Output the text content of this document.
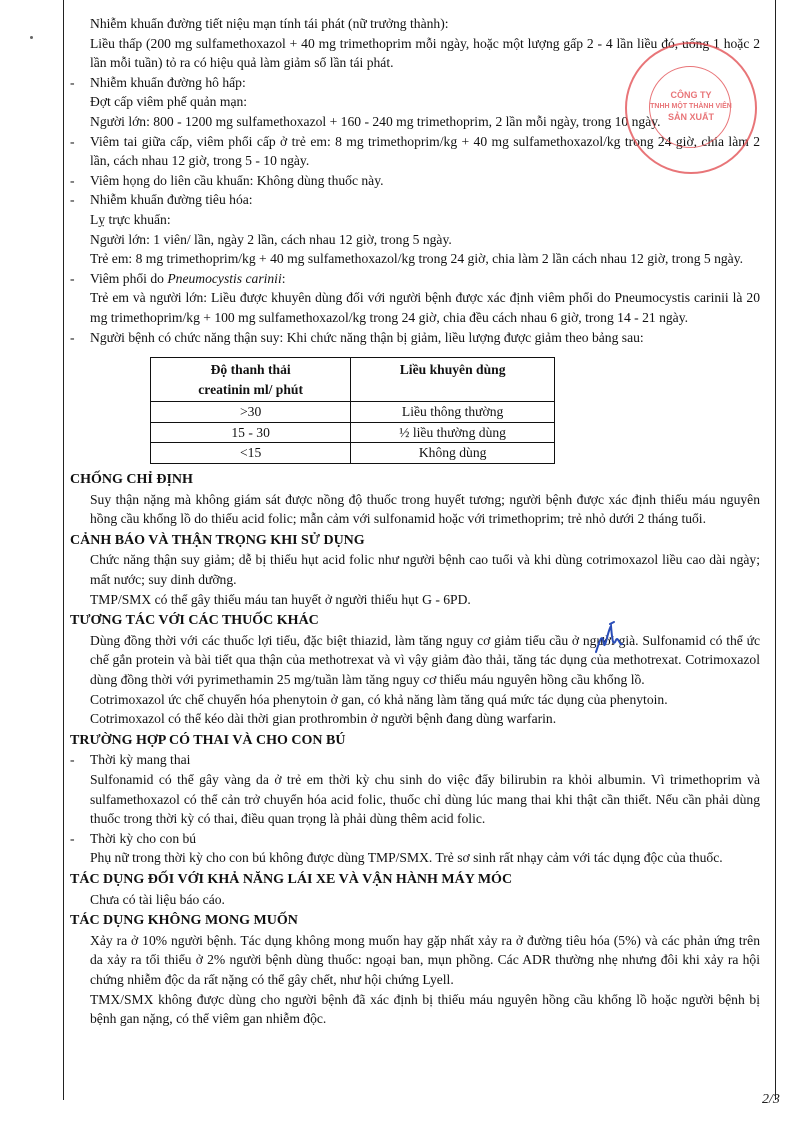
Nhiễm khuẩn đường tiết niệu mạn tính tái phát (nữ trưởng thành):

Liều thấp (200 mg sulfamethoxazol + 40 mg trimethoprim mỗi ngày, hoặc một lượng gấp 2 - 4 lần liều đó, uống 1 hoặc 2 lần mỗi tuần) tỏ ra có hiệu quả làm giảm số lần tái phát.

- Nhiễm khuẩn đường hô hấp:
Đợt cấp viêm phế quản mạn:
Người lớn: 800 - 1200 mg sulfamethoxazol + 160 - 240 mg trimethoprim, 2 lần mỗi ngày, trong 10 ngày.
- Viêm tai giữa cấp, viêm phổi cấp ở trẻ em: 8 mg trimethoprim/kg + 40 mg sulfamethoxazol/kg trong 24 giờ, chia làm 2 lần, cách nhau 12 giờ, trong 5 - 10 ngày.
- Viêm họng do liên cầu khuẩn: Không dùng thuốc này.
- Nhiễm khuẩn đường tiêu hóa:
Lỵ trực khuẩn:
Người lớn: 1 viên/ lần, ngày 2 lần, cách nhau 12 giờ, trong 5 ngày.
Trẻ em: 8 mg trimethoprim/kg + 40 mg sulfamethoxazol/kg trong 24 giờ, chia làm 2 lần cách nhau 12 giờ, trong 5 ngày.
- Viêm phổi do Pneumocystis carinii:
Trẻ em và người lớn: Liều được khuyên dùng đối với người bệnh được xác định viêm phổi do Pneumocystis carinii là 20 mg trimethoprim/kg + 100 mg sulfamethoxazol/kg trong 24 giờ, chia đều cách nhau 6 giờ, trong 14 - 21 ngày.
- Người bệnh có chức năng thận suy: Khi chức năng thận bị giảm, liều lượng được giảm theo bảng sau:
Độ thanh thải
creatinin ml/ phút	Liều khuyên dùng
>30	Liều thông thường
15 - 30	½ liều thường dùng
<15	Không dùng
CHỐNG CHỈ ĐỊNH

Suy thận nặng mà không giám sát được nồng độ thuốc trong huyết tương; người bệnh được xác định thiếu máu nguyên hồng cầu khổng lồ do thiếu acid folic; mẫn cảm với sulfonamid hoặc với trimethoprim; trẻ nhỏ dưới 2 tháng tuổi.

CẢNH BÁO VÀ THẬN TRỌNG KHI SỬ DỤNG

Chức năng thận suy giảm; dễ bị thiếu hụt acid folic như người bệnh cao tuổi và khi dùng cotrimoxazol liều cao dài ngày; mất nước; suy dinh dưỡng.

TMP/SMX có thể gây thiếu máu tan huyết ở người thiếu hụt G - 6PD.

TƯƠNG TÁC VỚI CÁC THUỐC KHÁC

Dùng đồng thời với các thuốc lợi tiểu, đặc biệt thiazid, làm tăng nguy cơ giảm tiểu cầu ở người già. Sulfonamid có thể ức chế gắn protein và bài tiết qua thận của methotrexat và vì vậy giảm đào thải, tăng tác dụng của methotrexat. Cotrimoxazol dùng đồng thời với pyrimethamin 25 mg/tuần làm tăng nguy cơ thiếu máu nguyên hồng cầu khổng lồ.

Cotrimoxazol ức chế chuyển hóa phenytoin ở gan, có khả năng làm tăng quá mức tác dụng của phenytoin.

Cotrimoxazol có thể kéo dài thời gian prothrombin ở người bệnh đang dùng warfarin.

TRƯỜNG HỢP CÓ THAI VÀ CHO CON BÚ
- Thời kỳ mang thai
Sulfonamid có thể gây vàng da ở trẻ em thời kỳ chu sinh do việc đẩy bilirubin ra khỏi albumin. Vì trimethoprim và sulfamethoxazol có thể cản trở chuyển hóa acid folic, thuốc chỉ dùng lúc mang thai khi thật cần thiết. Nếu cần phải dùng thuốc trong thời kỳ có thai, điều quan trọng là phải dùng thêm acid folic.
- Thời kỳ cho con bú
Phụ nữ trong thời kỳ cho con bú không được dùng TMP/SMX. Trẻ sơ sinh rất nhạy cảm với tác dụng độc của thuốc.
TÁC DỤNG ĐỐI VỚI KHẢ NĂNG LÁI XE VÀ VẬN HÀNH MÁY MÓC

Chưa có tài liệu báo cáo.

TÁC DỤNG KHÔNG MONG MUỐN

Xảy ra ở 10% người bệnh. Tác dụng không mong muốn hay gặp nhất xảy ra ở đường tiêu hóa (5%) và các phản ứng trên da xảy ra tối thiểu ở 2% người bệnh dùng thuốc: ngoại ban, mụn phồng. Các ADR thường nhẹ nhưng đôi khi xảy ra hội chứng nhiễm độc da rất nặng có thể gây chết, như hội chứng Lyell.

TMX/SMX không được dùng cho người bệnh đã xác định bị thiếu máu nguyên hồng cầu khổng lồ hoặc người bệnh bị bệnh gan nặng, có thể viêm gan nhiễm độc.

CÔNG TY
TNHH MỘT THÀNH VIÊN
SẢN XUẤT
2/3
